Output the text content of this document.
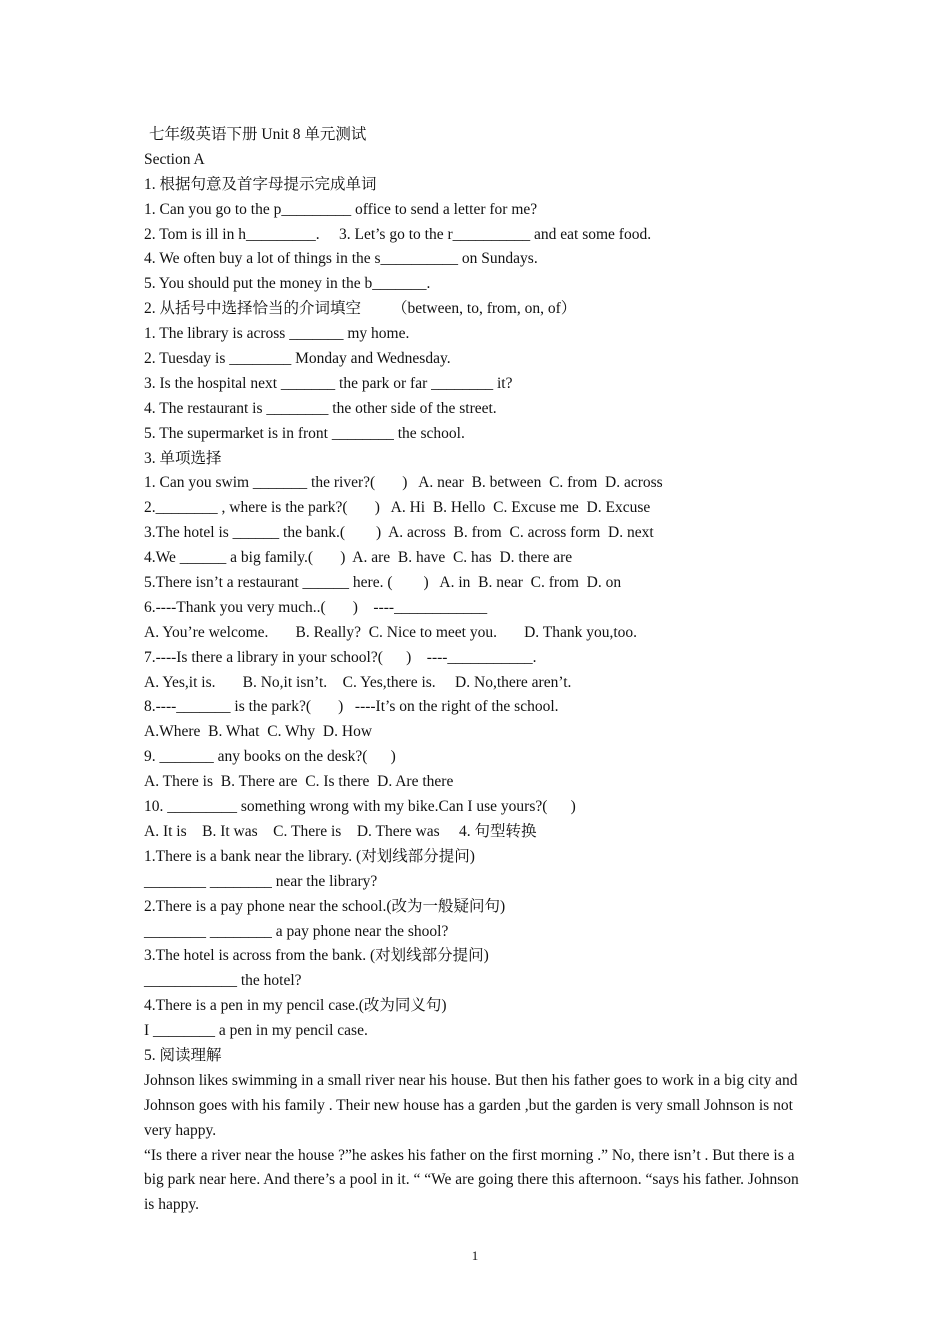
七年级英语下册 Unit 8 单元测试
Section A
1. 根据句意及首字母提示完成单词
1. Can you go to the p_________ office to send a letter for me?
2. Tom is ill in h_________.     3. Let’s go to the r__________ and eat some food.
4. We often buy a lot of things in the s__________ on Sundays.
5. You should put the money in the b_______.
2. 从括号中选择恰当的介词填空        （between, to, from, on, of）
1. The library is across _______ my home.
2. Tuesday is ________ Monday and Wednesday.
3. Is the hospital next _______ the park or far ________ it?
4. The restaurant is ________ the other side of the street.
5. The supermarket is in front ________ the school.
3. 单项选择
1. Can you swim _______ the river?(       )   A. near  B. between  C. from  D. across
2.________ , where is the park?(       )   A. Hi  B. Hello  C. Excuse me  D. Excuse
3.The hotel is ______ the bank.(        )  A. across  B. from  C. across form  D. next
4.We ______ a big family.(       )  A. are  B. have  C. has  D. there are
5.There isn’t a restaurant ______ here. (        )   A. in  B. near  C. from  D. on
6.----Thank you very much..(       )    ----____________
A. You’re welcome.       B. Really?  C. Nice to meet you.       D. Thank you,too.
7.----Is there a library in your school?(      )    ----___________.
A. Yes,it is.       B. No,it isn’t.    C. Yes,there is.     D. No,there aren’t.
8.----_______ is the park?(       )   ----It’s on the right of the school.
A.Where  B. What  C. Why  D. How
9. _______ any books on the desk?(      )
A. There is  B. There are  C. Is there  D. Are there
10. _________ something wrong with my bike.Can I use yours?(      )
A. It is    B. It was    C. There is    D. There was     4. 句型转换
1.There is a bank near the library. (对划线部分提问)
________ ________ near the library?
2.There is a pay phone near the school.(改为一般疑问句)
________ ________ a pay phone near the shool?
3.The hotel is across from the bank. (对划线部分提问)
____________ the hotel?
4.There is a pen in my pencil case.(改为同义句)
I ________ a pen in my pencil case.
5. 阅读理解
Johnson likes swimming in a small river near his house. But then his father goes to work in a big city and Johnson goes with his family . Their new house has a garden ,but the garden is very small Johnson is not very happy.
“Is there a river near the house ?”he askes his father on the first morning .” No, there isn’t . But there is a big park near here. And there’s a pool in it. “ “We are going there this afternoon. “says his father. Johnson is happy.
1
